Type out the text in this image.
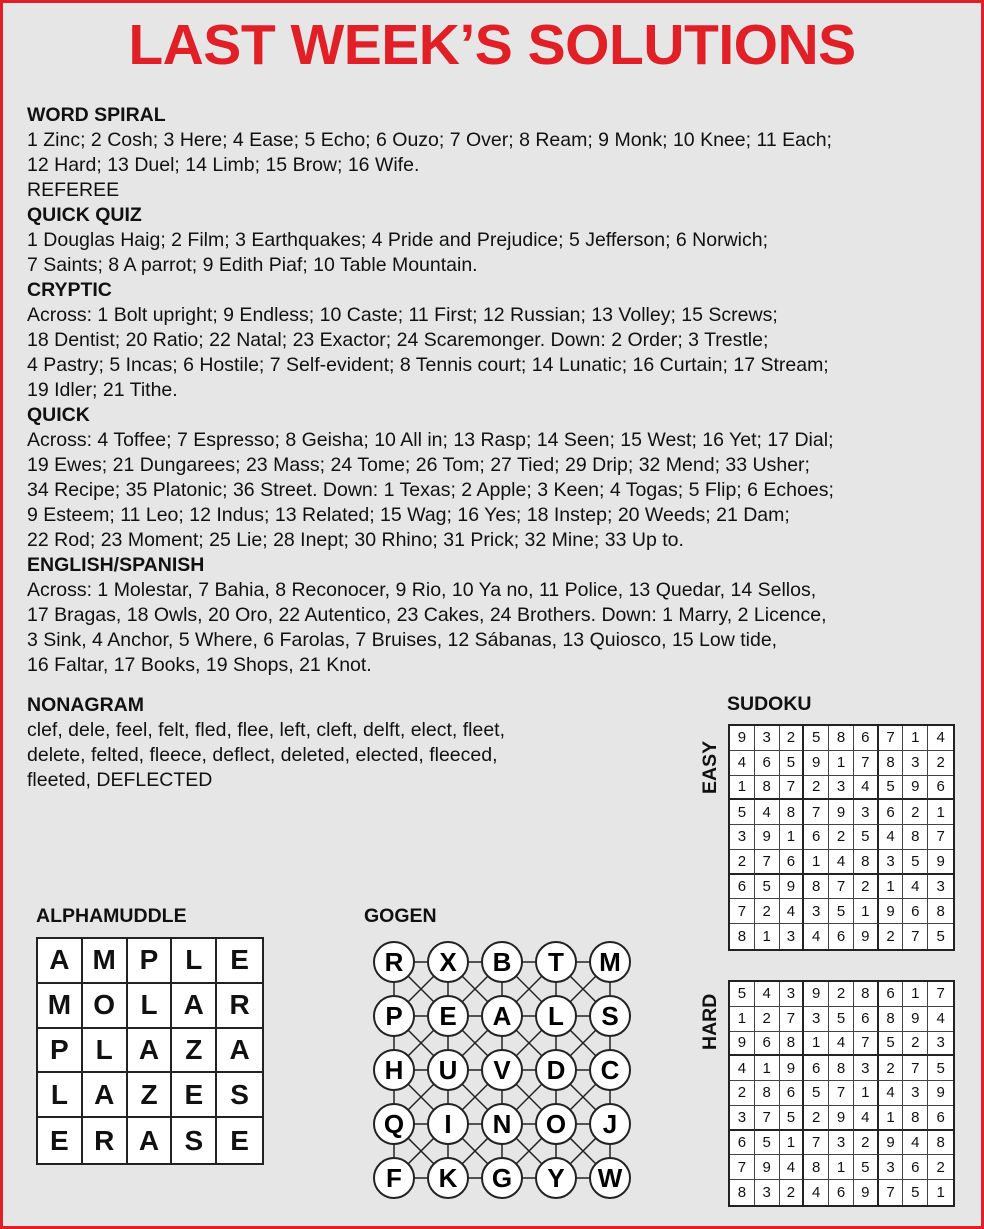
LAST WEEK’S SOLUTIONS
WORD SPIRAL
1 Zinc; 2 Cosh; 3 Here; 4 Ease; 5 Echo; 6 Ouzo; 7 Over; 8 Ream; 9 Monk; 10 Knee; 11 Each;
12 Hard; 13 Duel; 14 Limb; 15 Brow; 16 Wife.
REFEREE
QUICK QUIZ
1 Douglas Haig; 2 Film; 3 Earthquakes; 4 Pride and Prejudice; 5 Jefferson; 6 Norwich;
7 Saints; 8 A parrot; 9 Edith Piaf; 10 Table Mountain.
CRYPTIC
Across: 1 Bolt upright; 9 Endless; 10 Caste; 11 First; 12 Russian; 13 Volley; 15 Screws;
18 Dentist; 20 Ratio; 22 Natal; 23 Exactor; 24 Scaremonger. Down: 2 Order; 3 Trestle;
4 Pastry; 5 Incas; 6 Hostile; 7 Self-evident; 8 Tennis court; 14 Lunatic; 16 Curtain; 17 Stream;
19 Idler; 21 Tithe.
QUICK
Across: 4 Toffee; 7 Espresso; 8 Geisha; 10 All in; 13 Rasp; 14 Seen; 15 West; 16 Yet; 17 Dial;
19 Ewes; 21 Dungarees; 23 Mass; 24 Tome; 26 Tom; 27 Tied; 29 Drip; 32 Mend; 33 Usher;
34 Recipe; 35 Platonic; 36 Street. Down: 1 Texas; 2 Apple; 3 Keen; 4 Togas; 5 Flip; 6 Echoes;
9 Esteem; 11 Leo; 12 Indus; 13 Related; 15 Wag; 16 Yes; 18 Instep; 20 Weeds; 21 Dam;
22 Rod; 23 Moment; 25 Lie; 28 Inept; 30 Rhino; 31 Prick; 32 Mine; 33 Up to.
ENGLISH/SPANISH
Across: 1 Molestar, 7 Bahia, 8 Reconocer, 9 Rio, 10 Ya no, 11 Police, 13 Quedar, 14 Sellos,
17 Bragas, 18 Owls, 20 Oro, 22 Autentico, 23 Cakes, 24 Brothers. Down: 1 Marry, 2 Licence,
3 Sink, 4 Anchor, 5 Where, 6 Farolas, 7 Bruises, 12 Sábanas, 13 Quiosco, 15 Low tide,
16 Faltar, 17 Books, 19 Shops, 21 Knot.
NONAGRAM
clef, dele, feel, felt, fled, flee, left, cleft, delft, elect, fleet,
delete, felted, fleece, deflect, deleted, elected, fleeced,
fleeted, DEFLECTED
SUDOKU
EASY
HARD
9	3	2	5	8	6	7	1	4
4	6	5	9	1	7	8	3	2
1	8	7	2	3	4	5	9	6
5	4	8	7	9	3	6	2	1
3	9	1	6	2	5	4	8	7
2	7	6	1	4	8	3	5	9
6	5	9	8	7	2	1	4	3
7	2	4	3	5	1	9	6	8
8	1	3	4	6	9	2	7	5
5	4	3	9	2	8	6	1	7
1	2	7	3	5	6	8	9	4
9	6	8	1	4	7	5	2	3
4	1	9	6	8	3	2	7	5
2	8	6	5	7	1	4	3	9
3	7	5	2	9	4	1	8	6
6	5	1	7	3	2	9	4	8
7	9	4	8	1	5	3	6	2
8	3	2	4	6	9	7	5	1
ALPHAMUDDLE
A M P L E
M O L A R
P L A Z A
L A Z E S
E R A S E
GOGEN
R X B T M
P E A L S
H U V D C
Q I N O J
F K G Y W
